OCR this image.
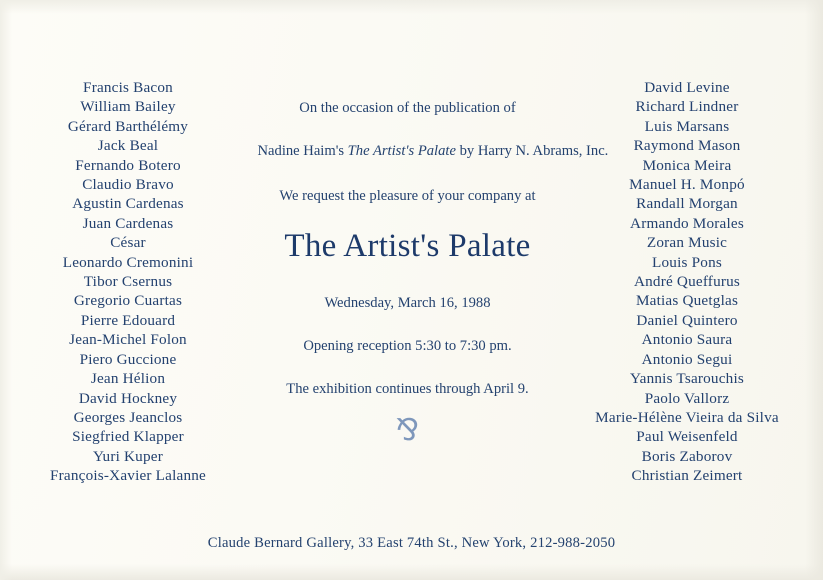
Francis Bacon
William Bailey
Gérard Barthélémy
Jack Beal
Fernando Botero
Claudio Bravo
Agustin Cardenas
Juan Cardenas
César
Leonardo Cremonini
Tibor Csernus
Gregorio Cuartas
Pierre Edouard
Jean-Michel Folon
Piero Guccione
Jean Hélion
David Hockney
Georges Jeanclos
Siegfried Klapper
Yuri Kuper
François-Xavier Lalanne
On the occasion of the publication of
Nadine Haim's The Artist's Palate by Harry N. Abrams, Inc.
We request the pleasure of your company at
The Artist's Palate
Wednesday, March 16, 1988
Opening reception 5:30 to 7:30 pm.
The exhibition continues through April 9.
⅋
David Levine
Richard Lindner
Luis Marsans
Raymond Mason
Monica Meira
Manuel H. Monpó
Randall Morgan
Armando Morales
Zoran Music
Louis Pons
André Queffurus
Matias Quetglas
Daniel Quintero
Antonio Saura
Antonio Segui
Yannis Tsarouchis
Paolo Vallorz
Marie-Hélène Vieira da Silva
Paul Weisenfeld
Boris Zaborov
Christian Zeimert
Claude Bernard Gallery, 33 East 74th St., New York, 212-988-2050
